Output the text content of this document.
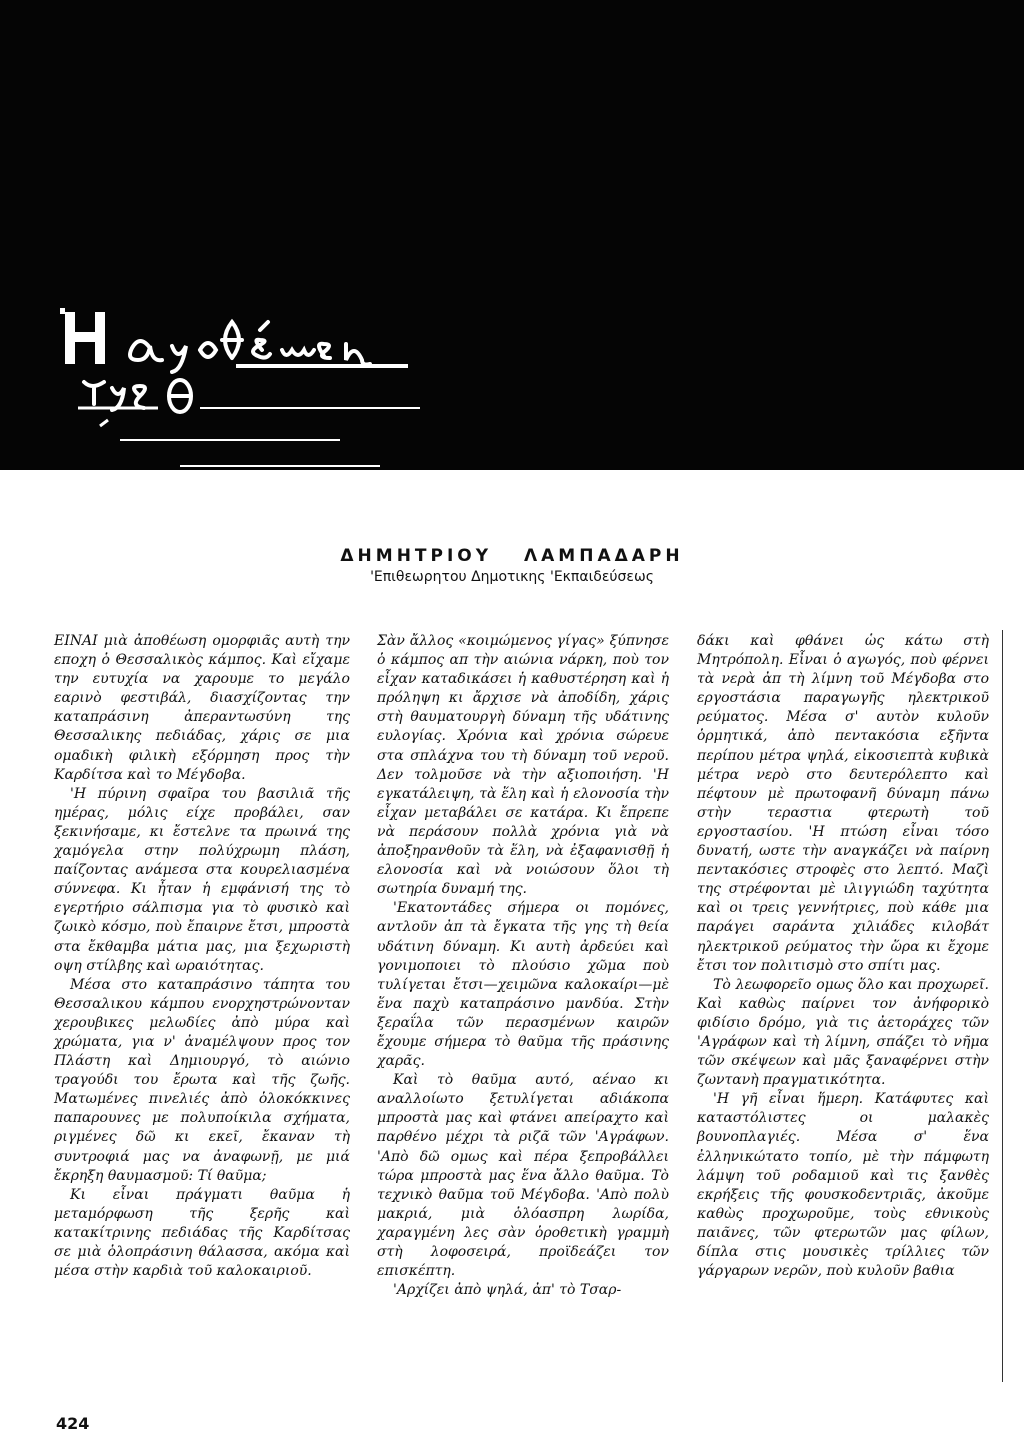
ΔΗΜΗΤΡΙΟΥ ΛΑΜΠΑΔΑΡΗ
'Επιθεωρητου Δημοτικης 'Εκπαιδεύσεως

ΕΙΝΑΙ μιὰ ἀποθέωση ομορφιᾶς αυτὴ την εποχη ὁ Θεσσαλικὸς κάμπος. Καὶ εἴχαμε την ευτυχία να χαρουμε το μεγάλο εαρινὸ φεστιβάλ, διασχίζοντας την καταπράσινη ἀπεραντωσύνη της Θεσσαλικης πεδιάδας, χάρις σε μια ομαδικὴ φιλικὴ εξόρμηση προς τὴν Καρδίτσα καὶ το Μέγδοβα.

'Η πύρινη σφαῖρα του βασιλιᾶ τῆς ημέρας, μόλις είχε προβάλει, σαν ξεκινήσαμε, κι ἔστελνε τα πρωινά της χαμόγελα στην πολύχρωμη πλάση, παίζοντας ανάμεσα στα κουρελιασμένα σύννεφα. Κι ἦταν ἡ εμφάνισή της τὸ εγερτήριο σάλπισμα για τὸ φυσικὸ καὶ ζωικὸ κόσμο, ποὺ ἔπαιρνε ἔτσι, μπροστὰ στα ἔκθαμβα μάτια μας, μια ξεχωριστὴ οψη στίλβης καὶ ωραιότητας.

Μέσα στο καταπράσινο τάπητα του Θεσσαλικου κάμπου ενορχηστρώνονταν χερουβικες μελωδίες ἀπὸ μύρα καὶ χρώματα, για ν' ἀναμέλψουν προς τον Πλάστη καὶ Δημιουργό, τὸ αιώνιο τραγούδι του ἔρωτα καὶ τῆς ζωῆς. Ματωμένες πινελιές ἀπὸ ὁλοκόκκινες παπαρουνες με πολυποίκιλα σχήματα, ριγμένες δῶ κι εκεῖ, ἔκαναν τὴ συντροφιά μας να ἀναφωνῇ, με μιά ἔκρηξη θαυμασμοῦ: Τί θαῦμα;

Κι εἶναι πράγματι θαῦμα ἡ μεταμόρφωση τῆς ξερῆς καὶ κατακίτρινης πεδιάδας τῆς Καρδίτσας σε μιὰ ὁλοπράσινη θάλασσα, ακόμα καὶ μέσα στὴν καρδιὰ τοῦ καλοκαιριοῦ.

Σὰν ἄλλος «κοιμώμενος γίγας» ξύπνησε ὁ κάμπος απ τὴν αιώνια νάρκη, ποὺ τον εἶχαν καταδικάσει ἡ καθυστέρηση καὶ ἡ πρόληψη κι ἄρχισε νὰ ἀποδίδη, χάρις στὴ θαυματουργὴ δύναμη τῆς υδάτινης ευλογίας. Χρόνια καὶ χρόνια σώρευε στα σπλάχνα του τὴ δύναμη τοῦ νεροῦ. Δεν τολμοῦσε νὰ τὴν αξιοποιήση. 'Η εγκατάλειψη, τὰ ἕλη καὶ ἡ ελονοσία τὴν εἶχαν μεταβάλει σε κατάρα. Κι ἔπρεπε νὰ περάσουν πολλὰ χρόνια γιὰ νὰ ἀποξηρανθοῦν τὰ ἕλη, νὰ ἐξαφανισθῇ ἡ ελονοσία καὶ νὰ νοιώσουν ὅλοι τὴ σωτηρία δυναμή της.

'Εκατοντάδες σήμερα οι πομόνες, αντλοῦν ἀπ τὰ ἔγκατα τῆς γης τὴ θεία υδάτινη δύναμη. Κι αυτὴ ἀρδεύει καὶ γονιμοποιει τὸ πλούσιο χῶμα ποὺ τυλίγεται ἔτσι—χειμῶνα καλοκαίρι—μὲ ἕνα παχὺ καταπράσινο μανδύα. Στὴν ξεραΐλα τῶν περασμένων καιρῶν ἔχουμε σήμερα τὸ θαῦμα τῆς πράσινης χαρᾶς.

Καὶ τὸ θαῦμα αυτό, αέναο κι αναλλοίωτο ξετυλίγεται αδιάκοπα μπροστὰ μας καὶ φτάνει απείραχτο καὶ παρθένο μέχρι τὰ ριζᾶ τῶν 'Αγράφων. 'Απὸ δῶ ομως καὶ πέρα ξεπροβάλλει τώρα μπροστὰ μας ἕνα ἄλλο θαῦμα. Τὸ τεχνικὸ θαῦμα τοῦ Μέγδοβα. 'Απὸ πολὺ μακριά, μιὰ ὁλόασπρη λωρίδα, χαραγμένη λες σὰν ὁροθετικὴ γραμμὴ στὴ λοφοσειρά, προϊδεάζει τον επισκέπτη.

'Αρχίζει ἀπὸ ψηλά, ἀπ' τὸ Τσαρ-

δάκι καὶ φθάνει ὡς κάτω στὴ Μητρόπολη. Εἶναι ὁ αγωγός, ποὺ φέρνει τὰ νερὰ ἀπ τὴ λίμνη τοῦ Μέγδοβα στο εργοστάσια παραγωγῆς ηλεκτρικοῦ ρεύματος. Μέσα σ' αυτὸν κυλοῦν ὁρμητικά, ἀπὸ πεντακόσια εξῆντα περίπου μέτρα ψηλά, εἰκοσιεπτὰ κυβικὰ μέτρα νερὸ στο δευτερόλεπτο καὶ πέφτουν μὲ πρωτοφανῆ δύναμη πάνω στὴν τεραστια φτερωτὴ τοῦ εργοστασίου. 'Η πτώση εἶναι τόσο δυνατή, ωστε τὴν αναγκάζει νὰ παίρνη πεντακόσιες στροφὲς στο λεπτό. Μαζὶ της στρέφονται μὲ ιλιγγιώδη ταχύτητα καὶ οι τρεις γεννήτριες, ποὺ κάθε μια παράγει σαράντα χιλιάδες κιλοβάτ ηλεκτρικοῦ ρεύματος τὴν ὥρα κι ἔχομε ἔτσι τον πολιτισμὸ στο σπίτι μας.

Τὸ λεωφορεῖο ομως ὅλο και προχωρεῖ. Καὶ καθὼς παίρνει τον ἀνήφορικὸ φιδίσιο δρόμο, γιὰ τις ἀετοράχες τῶν 'Αγράφων καὶ τὴ λίμνη, σπάζει τὸ νῆμα τῶν σκέψεων καὶ μᾶς ξαναφέρνει στὴν ζωντανὴ πραγματικότητα.

'Η γῆ εἶναι ἥμερη. Κατάφυτες καὶ καταστόλιστες οι μαλακὲς βουνοπλαγιές. Μέσα σ' ἕνα ἐλληνικώτατο τοπίο, μὲ τὴν πάμφωτη λάμψη τοῦ ροδαμιοῦ καὶ τις ξανθὲς εκρήξεις τῆς φουσκοδεντριᾶς, ἀκοῦμε καθὼς προχωροῦμε, τοὺς εθνικοὺς παιᾶνες, τῶν φτερωτῶν μας φίλων, δίπλα στις μουσικὲς τρίλλιες τῶν γάργαρων νερῶν, ποὺ κυλοῦν βαθια

424
